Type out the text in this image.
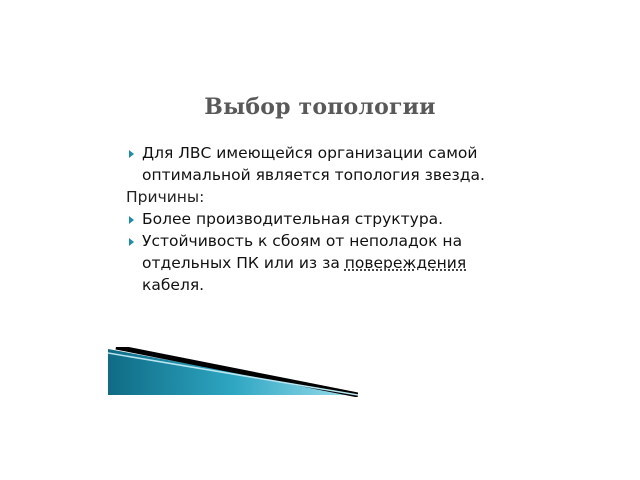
Выбор топологии

Для ЛВС имеющейся организации самой оптимальной является топология звезда.

Причины:

Более производительная структура.

Устойчивость к сбоям от неполадок на отдельных ПК или из за повереждения кабеля.
